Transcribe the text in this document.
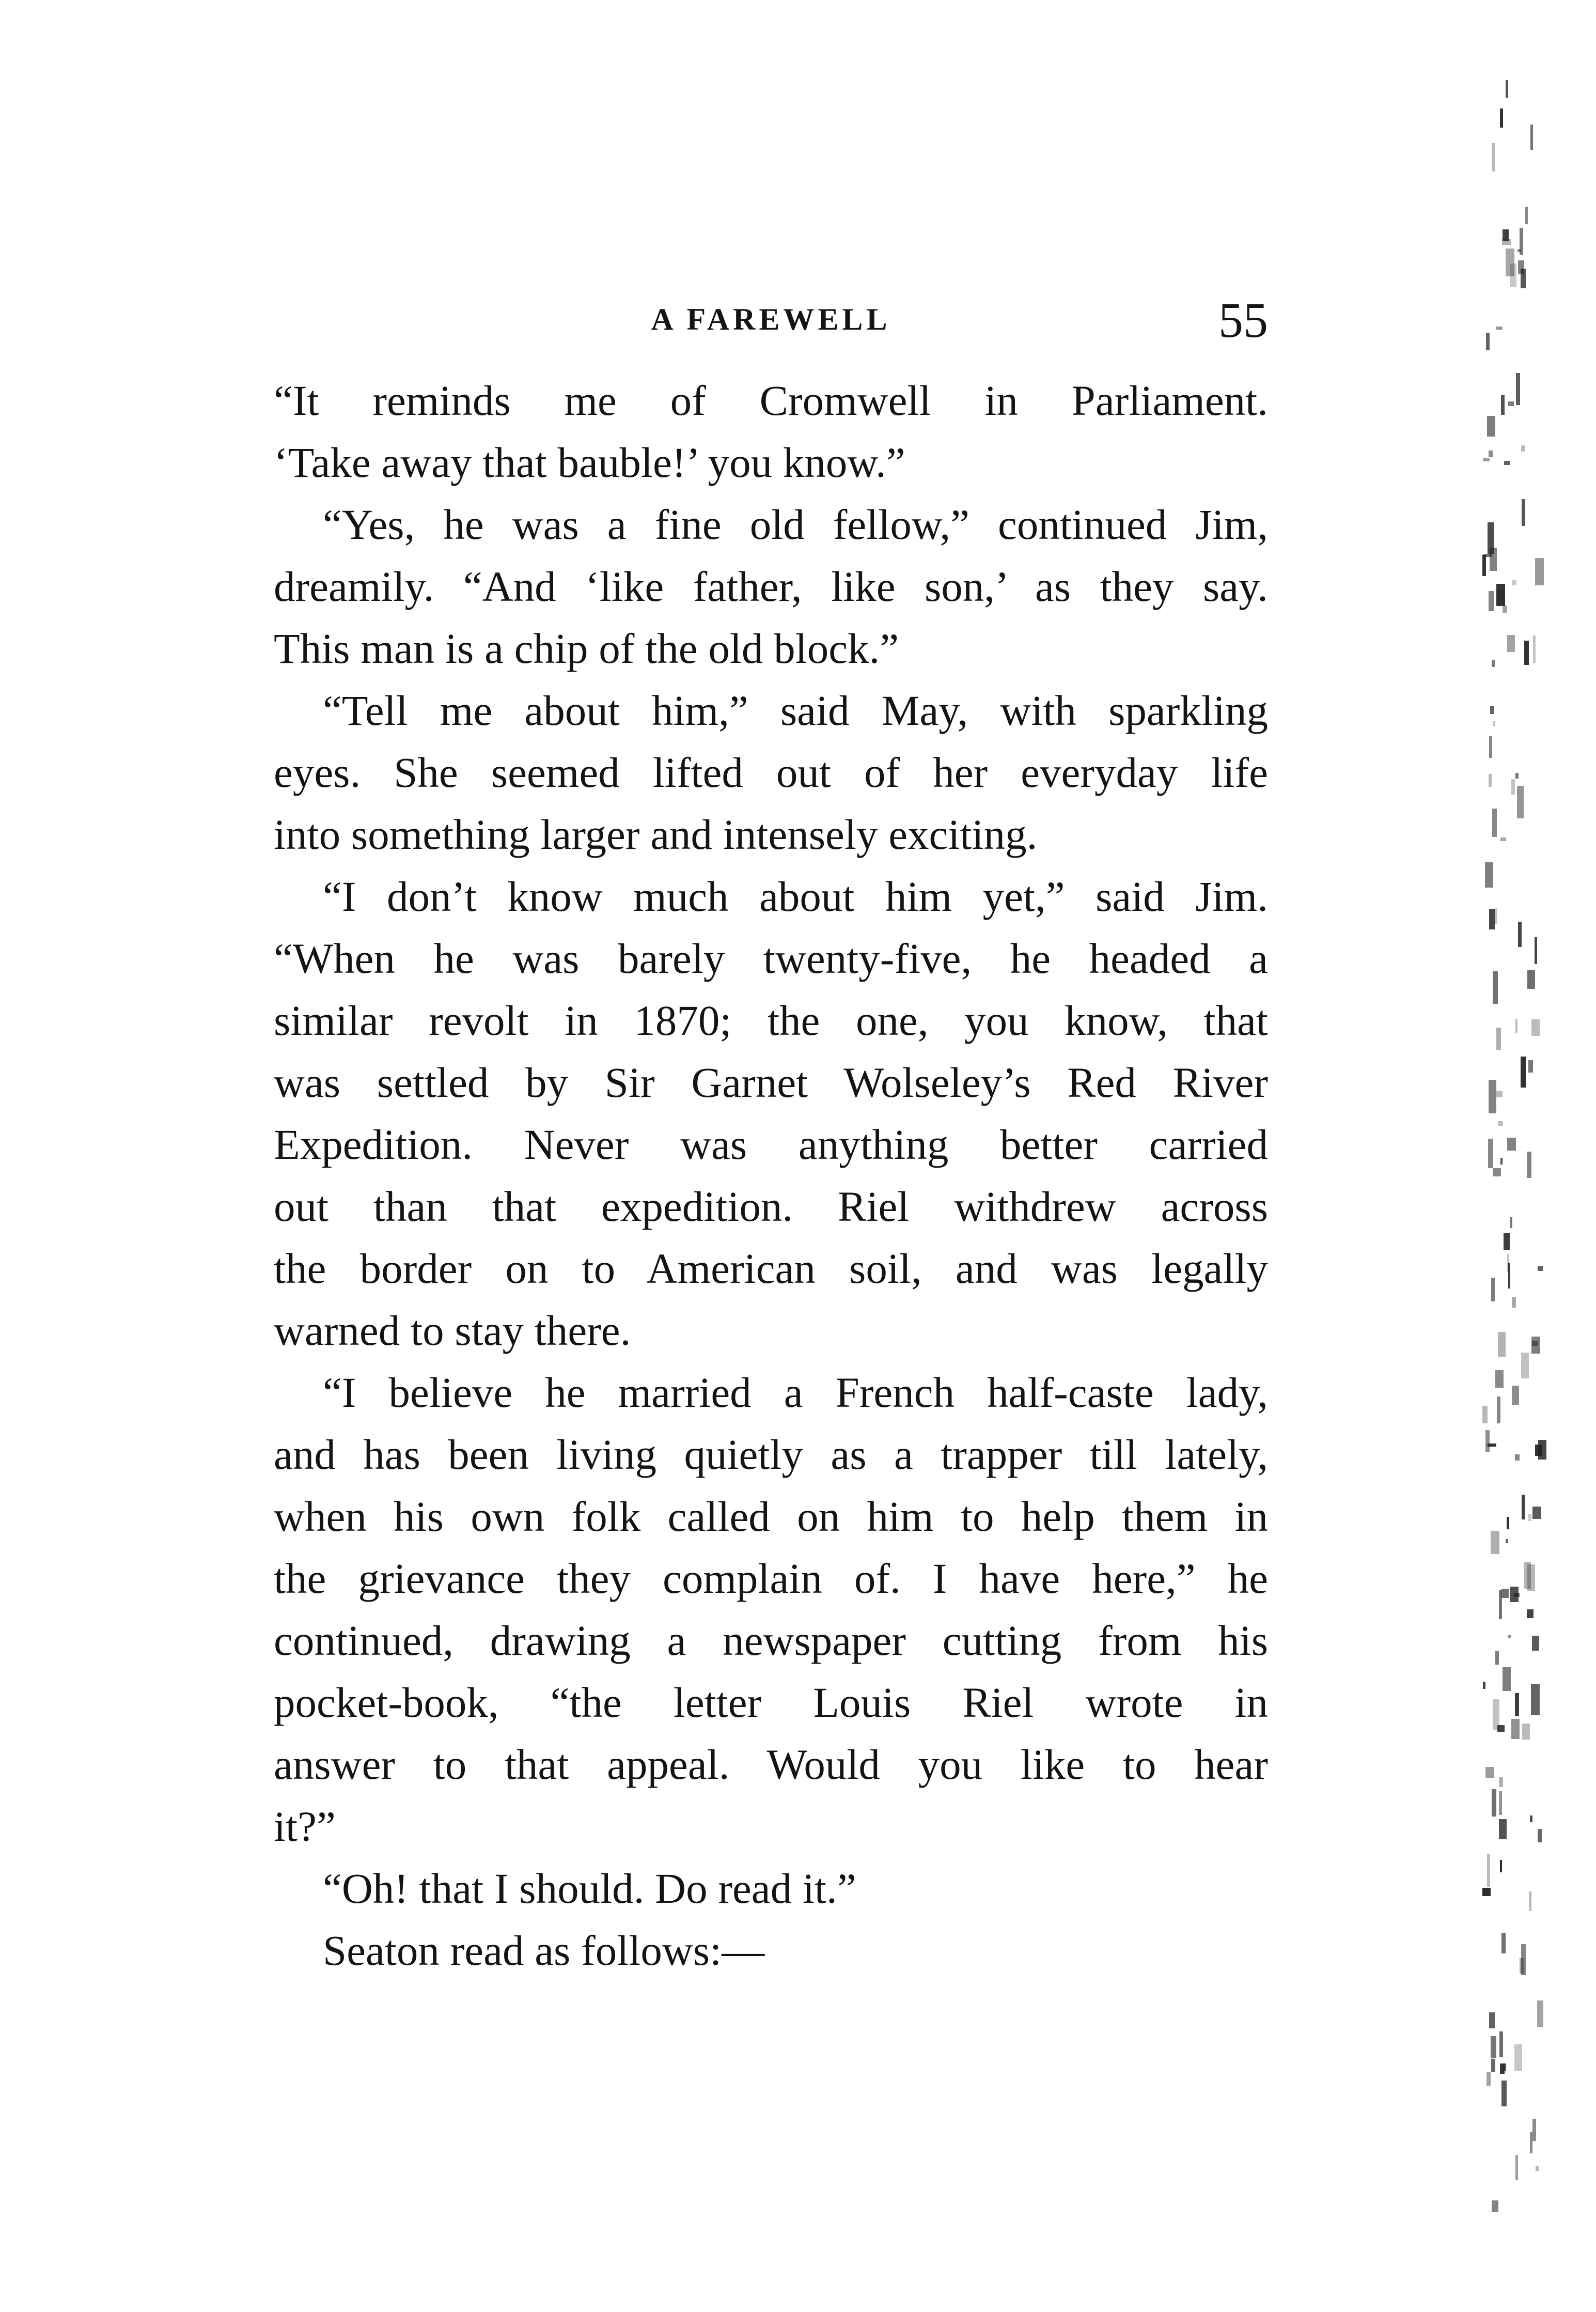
A FAREWELL	55
“It reminds me of Cromwell in Parliament.
‘Take away that bauble!’ you know.”
“Yes, he was a fine old fellow,” continued Jim,
dreamily. “And ‘like father, like son,’ as they say.
This man is a chip of the old block.”
“Tell me about him,” said May, with sparkling
eyes. She seemed lifted out of her everyday life
into something larger and intensely exciting.
“I don’t know much about him yet,” said Jim.
“When he was barely twenty-five, he headed a
similar revolt in 1870; the one, you know, that
was settled by Sir Garnet Wolseley’s Red River
Expedition. Never was anything better carried
out than that expedition. Riel withdrew across
the border on to American soil, and was legally
warned to stay there.
“I believe he married a French half-caste lady,
and has been living quietly as a trapper till lately,
when his own folk called on him to help them in
the grievance they complain of. I have here,” he
continued, drawing a newspaper cutting from his
pocket-book, “the letter Louis Riel wrote in
answer to that appeal. Would you like to hear
it?”
“Oh! that I should. Do read it.”
Seaton read as follows:—
